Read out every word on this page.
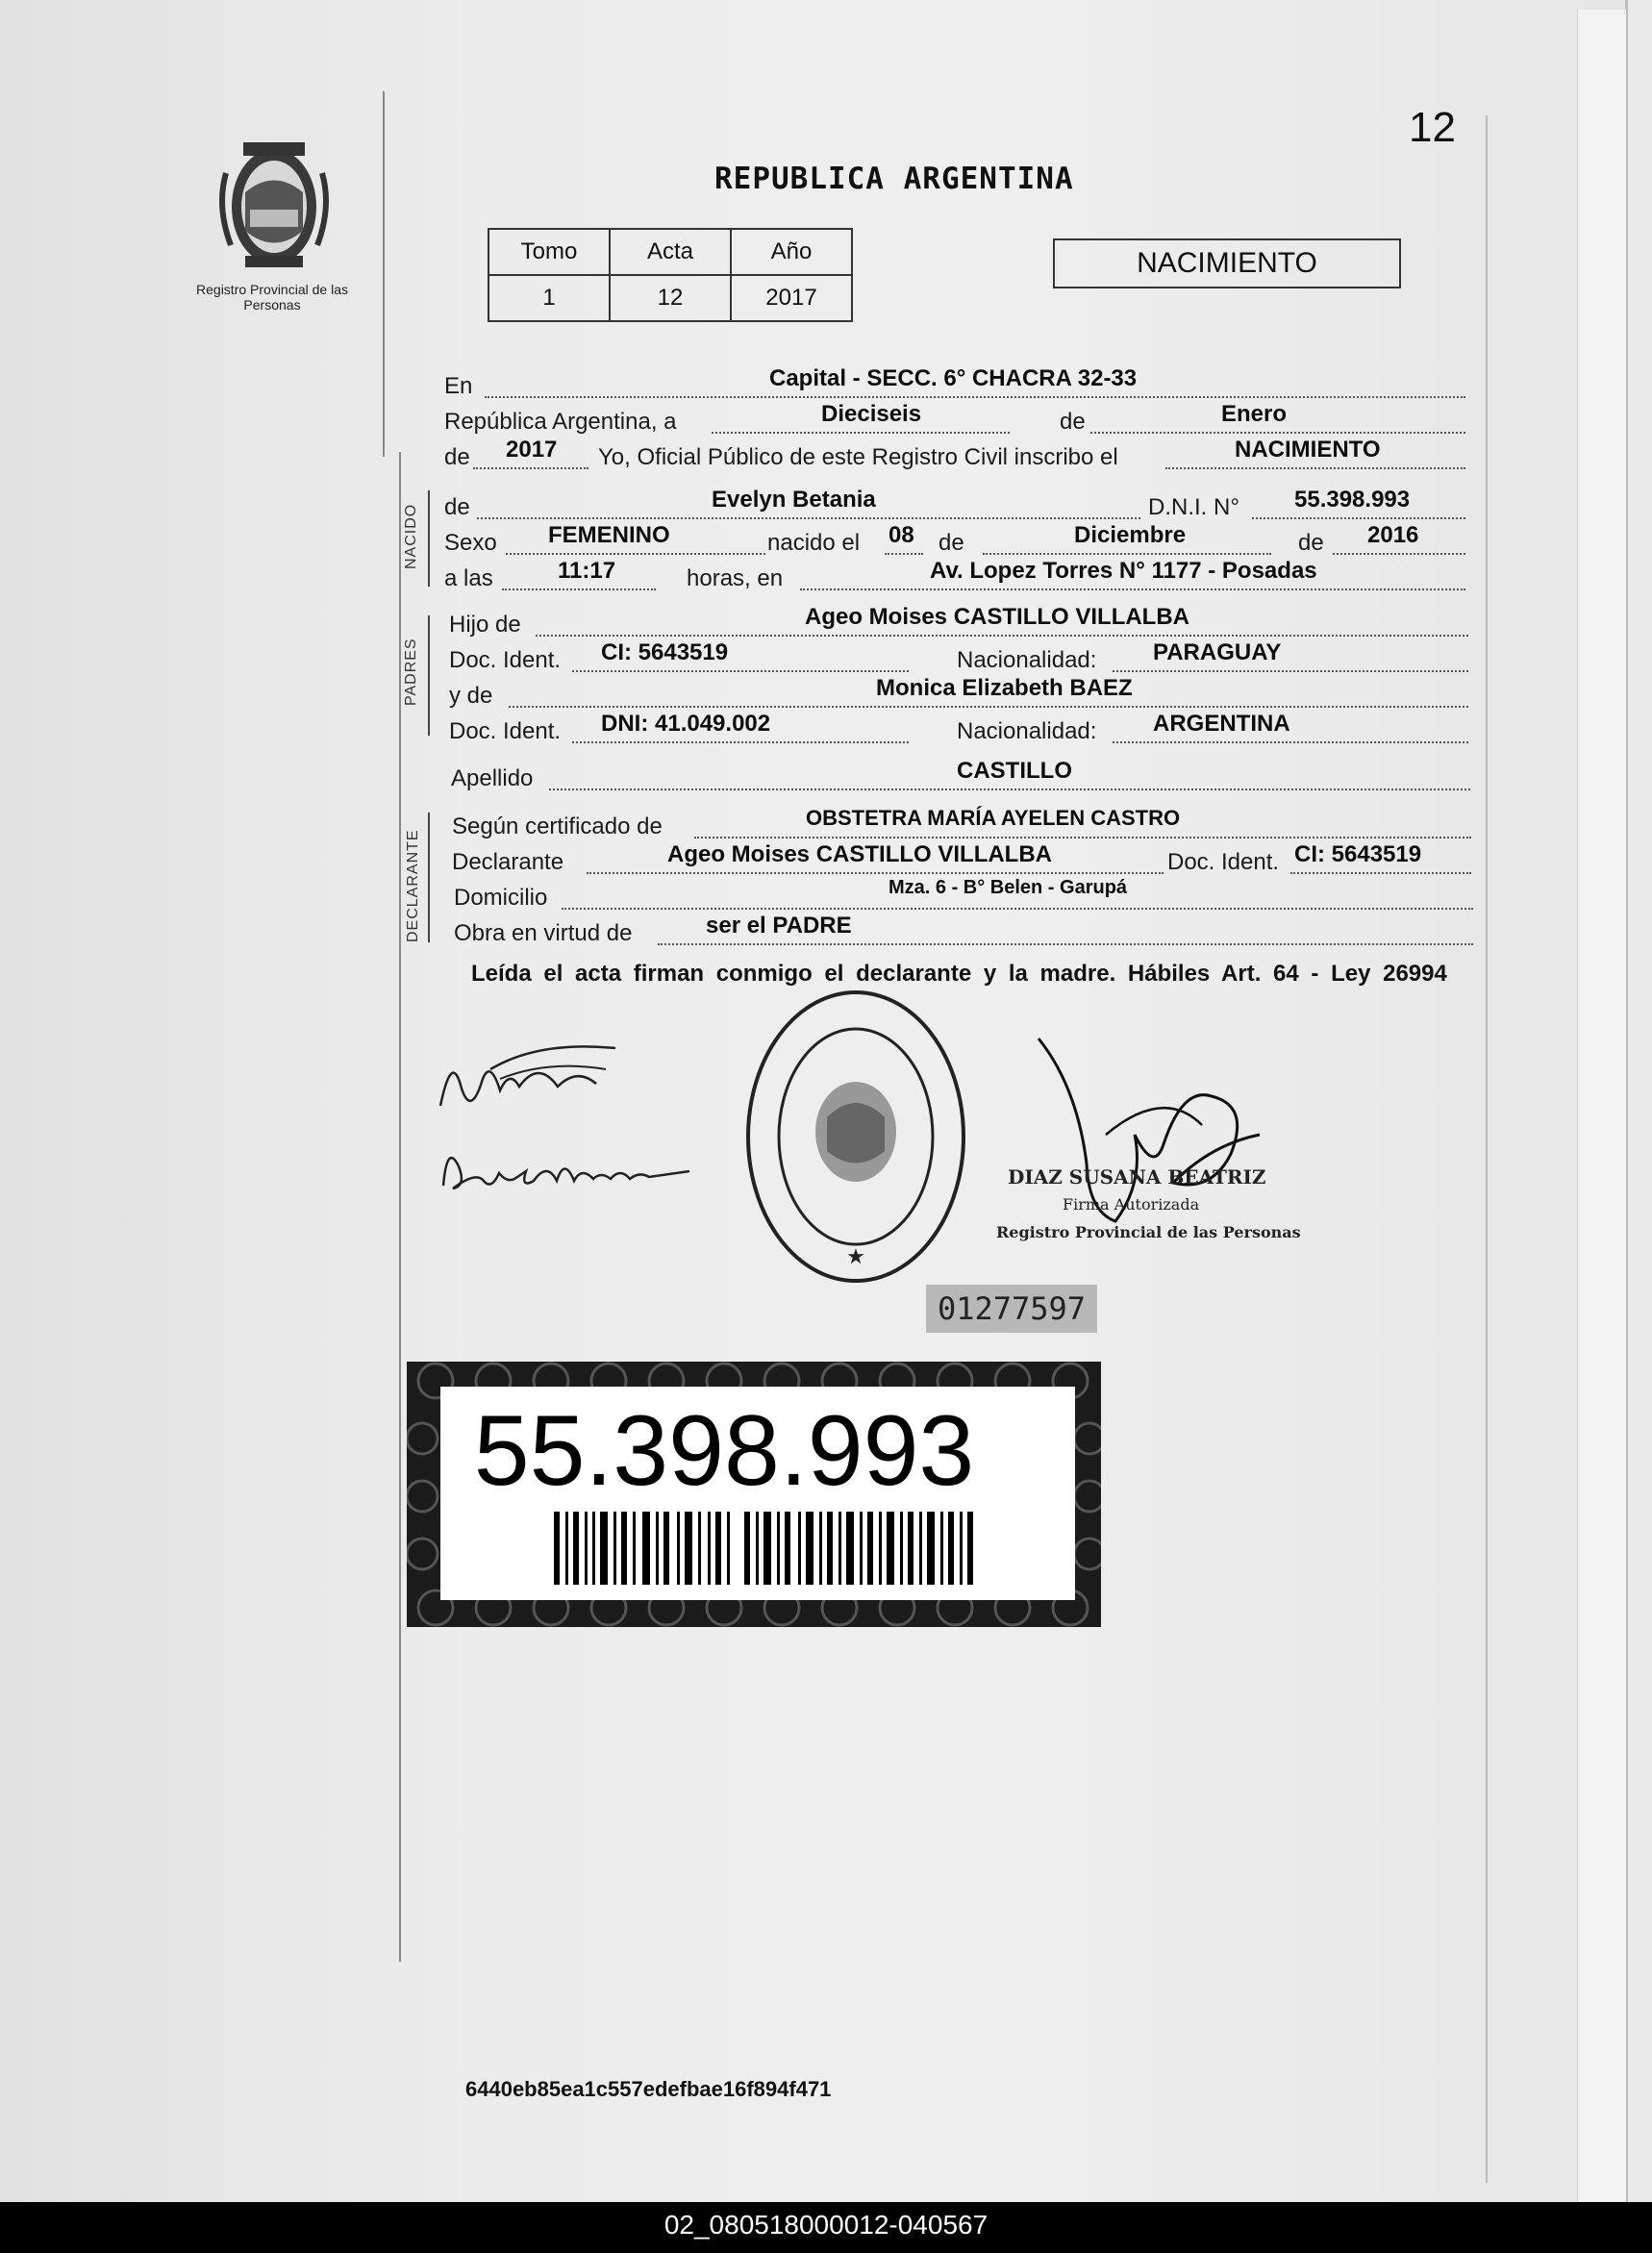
Registro Provincial de las Personas
12
REPUBLICA ARGENTINA
Tomo	Acta	Año
1	12	2017
NACIMIENTO
NACIDO
PADRES
DECLARANTE
En	Capital - SECC. 6° CHACRA 32-33
República Argentina, a	Dieciseis	de	Enero
de 2017 Yo, Oficial Público de este Registro Civil inscribo el	NACIMIENTO
de	Evelyn Betania	D.N.I. N° 55.398.993
Sexo FEMENINO	nacido el 08 de	Diciembre	de 2016
a las	11:17	horas, en	Av. Lopez Torres N° 1177 - Posadas
Hijo de	Ageo Moises CASTILLO VILLALBA
Doc. Ident. CI: 5643519	Nacionalidad: PARAGUAY
y de	Monica Elizabeth BAEZ
Doc. Ident. DNI: 41.049.002	Nacionalidad: ARGENTINA
Apellido	CASTILLO
Según certificado de	OBSTETRA MARÍA AYELEN CASTRO
Declarante	Ageo Moises CASTILLO VILLALBA	Doc. Ident. CI: 5643519
Domicilio	Mza. 6 - B° Belen - Garupá
Obra en virtud de	ser el PADRE
Leída el acta firman conmigo el declarante y la madre. Hábiles Art. 64 - Ley 26994
★
DIAZ SUSANA BEATRIZ
Firma Autorizada
Registro Provincial de las Personas
01277597
55.398.993
6440eb85ea1c557edefbae16f894f471
02_080518000012-040567
